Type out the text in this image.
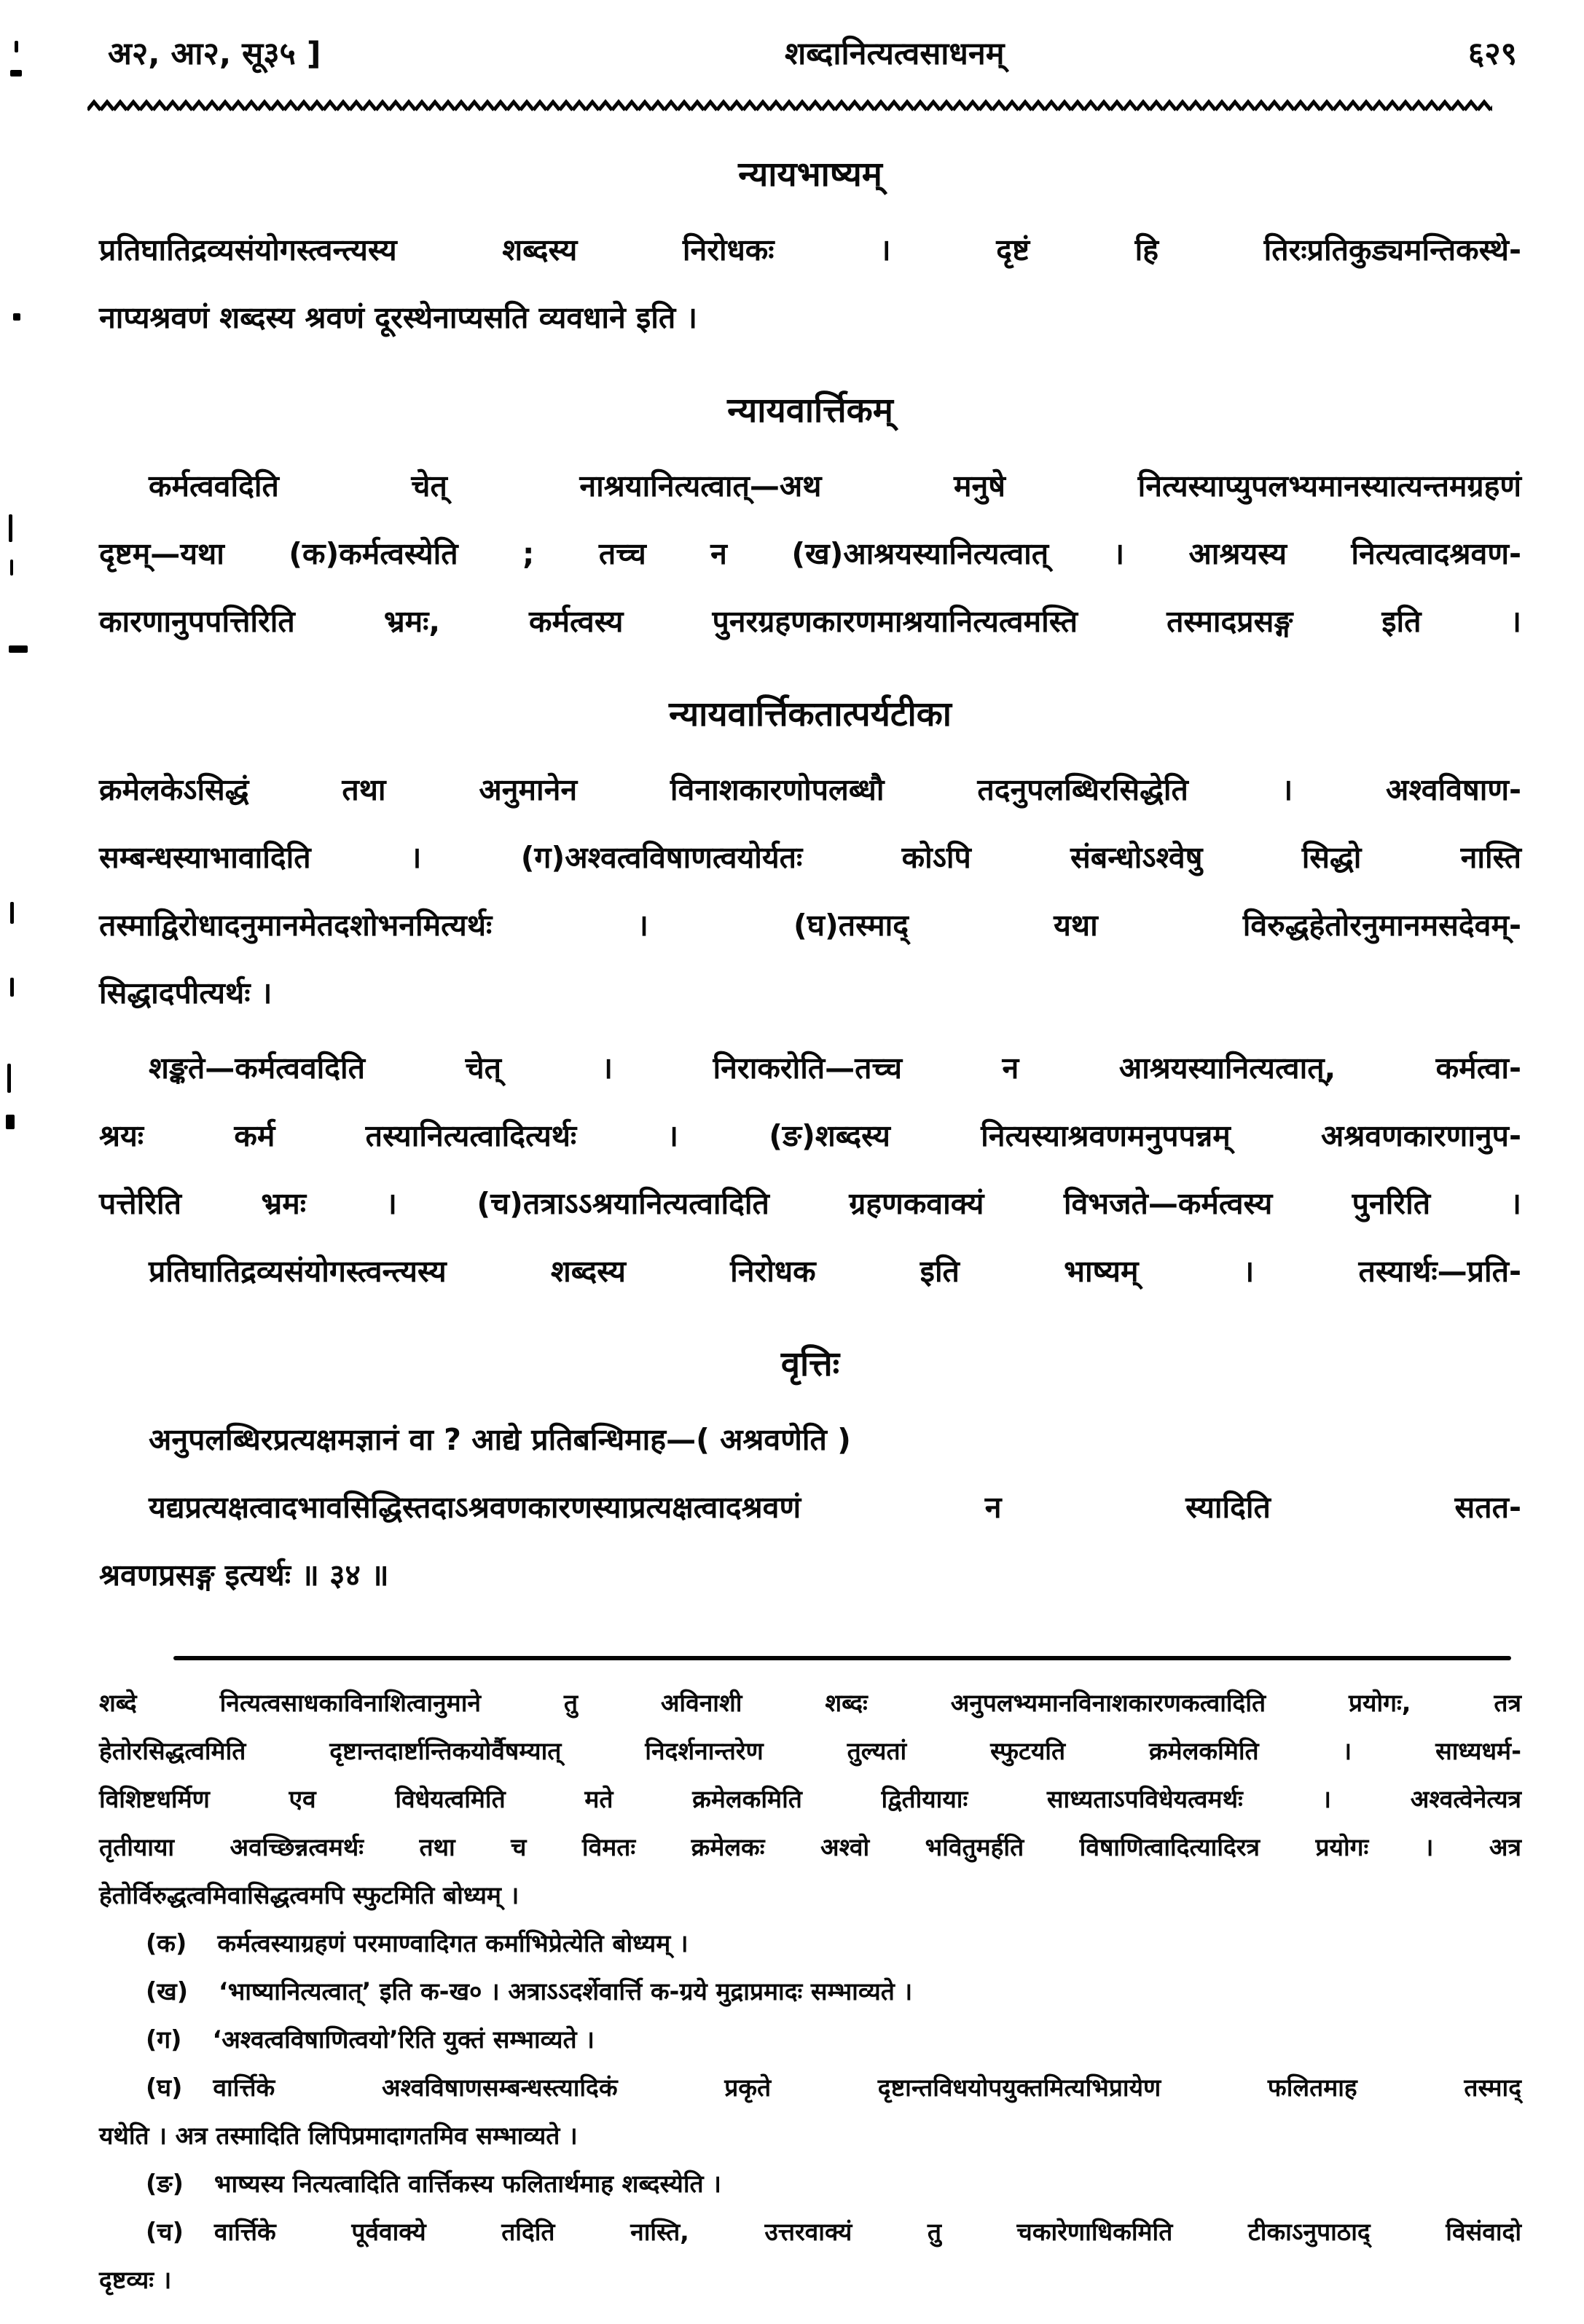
अ२, आ२, सू३५ ]	शब्दानित्यत्वसाधनम्	६२९
न्यायभाष्यम्
प्रतिघातिद्रव्यसंयोगस्त्वन्त्यस्य शब्दस्य निरोधकः । दृष्टं हि तिरःप्रतिकुड्यमन्तिकस्थे-
नाप्यश्रवणं शब्दस्य श्रवणं दूरस्थेनाप्यसति व्यवधाने इति ।
न्यायवार्त्तिकम्
कर्मत्ववदिति चेत् नाश्रयानित्यत्वात्—अथ मनुषे नित्यस्याप्युपलभ्यमानस्यात्यन्तमग्रहणं
दृष्टम्—यथा (क)कर्मत्वस्येति ; तच्च न (ख)आश्रयस्यानित्यत्वात् । आश्रयस्य नित्यत्वादश्रवण-
कारणानुपपत्तिरिति भ्रमः, कर्मत्वस्य पुनरग्रहणकारणमाश्रयानित्यत्वमस्ति तस्मादप्रसङ्ग इति ।
न्यायवार्त्तिकतात्पर्यटीका
क्रमेलकेऽसिद्धं तथा अनुमानेन विनाशकारणोपलब्धौ तदनुपलब्धिरसिद्धेति । अश्वविषाण-
सम्बन्धस्याभावादिति । (ग)अश्वत्वविषाणत्वयोर्यतः कोऽपि संबन्धोऽश्वेषु सिद्धो नास्ति
तस्माद्विरोधादनुमानमेतदशोभनमित्यर्थः । (घ)तस्माद् यथा विरुद्धहेतोरनुमानमसदेवम्-
सिद्धादपीत्यर्थः ।
शङ्कते—कर्मत्ववदिति चेत् । निराकरोति—तच्च न आश्रयस्यानित्यत्वात्, कर्मत्वा-
श्रयः कर्म तस्यानित्यत्वादित्यर्थः । (ङ)शब्दस्य नित्यस्याश्रवणमनुपपन्नम् अश्रवणकारणानुप-
पत्तेरिति भ्रमः । (च)तत्राऽऽश्रयानित्यत्वादिति ग्रहणकवाक्यं विभजते—कर्मत्वस्य पुनरिति ।
प्रतिघातिद्रव्यसंयोगस्त्वन्त्यस्य शब्दस्य निरोधक इति भाष्यम् । तस्यार्थः—प्रति-
वृत्तिः
अनुपलब्धिरप्रत्यक्षमज्ञानं वा ? आद्ये प्रतिबन्धिमाह—( अश्रवणेति )
यद्यप्रत्यक्षत्वादभावसिद्धिस्तदाऽश्रवणकारणस्याप्रत्यक्षत्वादश्रवणं न स्यादिति सतत-
श्रवणप्रसङ्ग इत्यर्थः ॥ ३४ ॥
शब्दे नित्यत्वसाधकाविनाशित्वानुमाने तु अविनाशी शब्दः अनुपलभ्यमानविनाशकारणकत्वादिति प्रयोगः, तत्र
हेतोरसिद्धत्वमिति दृष्टान्तदार्ष्टान्तिकयोर्वैषम्यात् निदर्शनान्तरेण तुल्यतां स्फुटयति क्रमेलकमिति । साध्यधर्म-
विशिष्टधर्मिण एव विधेयत्वमिति मते क्रमेलकमिति द्वितीयायाः साध्यताऽपविधेयत्वमर्थः । अश्वत्वेनेत्यत्र
तृतीयाया अवच्छिन्नत्वमर्थः तथा च विमतः क्रमेलकः अश्वो भवितुमर्हति विषाणित्वादित्यादिरत्र प्रयोगः । अत्र
हेतोर्विरुद्धत्वमिवासिद्धत्वमपि स्फुटमिति बोध्यम् ।
(क)	कर्मत्वस्याग्रहणं परमाण्वादिगत कर्माभिप्रेत्येति बोध्यम् ।
(ख)	‘भाष्यानित्यत्वात्’ इति क-ख० । अत्राऽऽदर्शेवार्त्ति क-ग्रये मुद्राप्रमादः सम्भाव्यते ।
(ग)	‘अश्वत्वविषाणित्वयो’रिति युक्तं सम्भाव्यते ।
(घ)	वार्त्तिके अश्वविषाणसम्बन्धस्त्यादिकं प्रकृते दृष्टान्तविधयोपयुक्तमित्यभिप्रायेण फलितमाह तस्माद्
यथेति । अत्र तस्मादिति लिपिप्रमादागतमिव सम्भाव्यते ।
(ङ)	भाष्यस्य नित्यत्वादिति वार्त्तिकस्य फलितार्थमाह शब्दस्येति ।
(च)	वार्त्तिके पूर्ववाक्ये तदिति नास्ति, उत्तरवाक्यं तु चकारेणाधिकमिति टीकाऽनुपाठाद् विसंवादो
दृष्टव्यः ।
